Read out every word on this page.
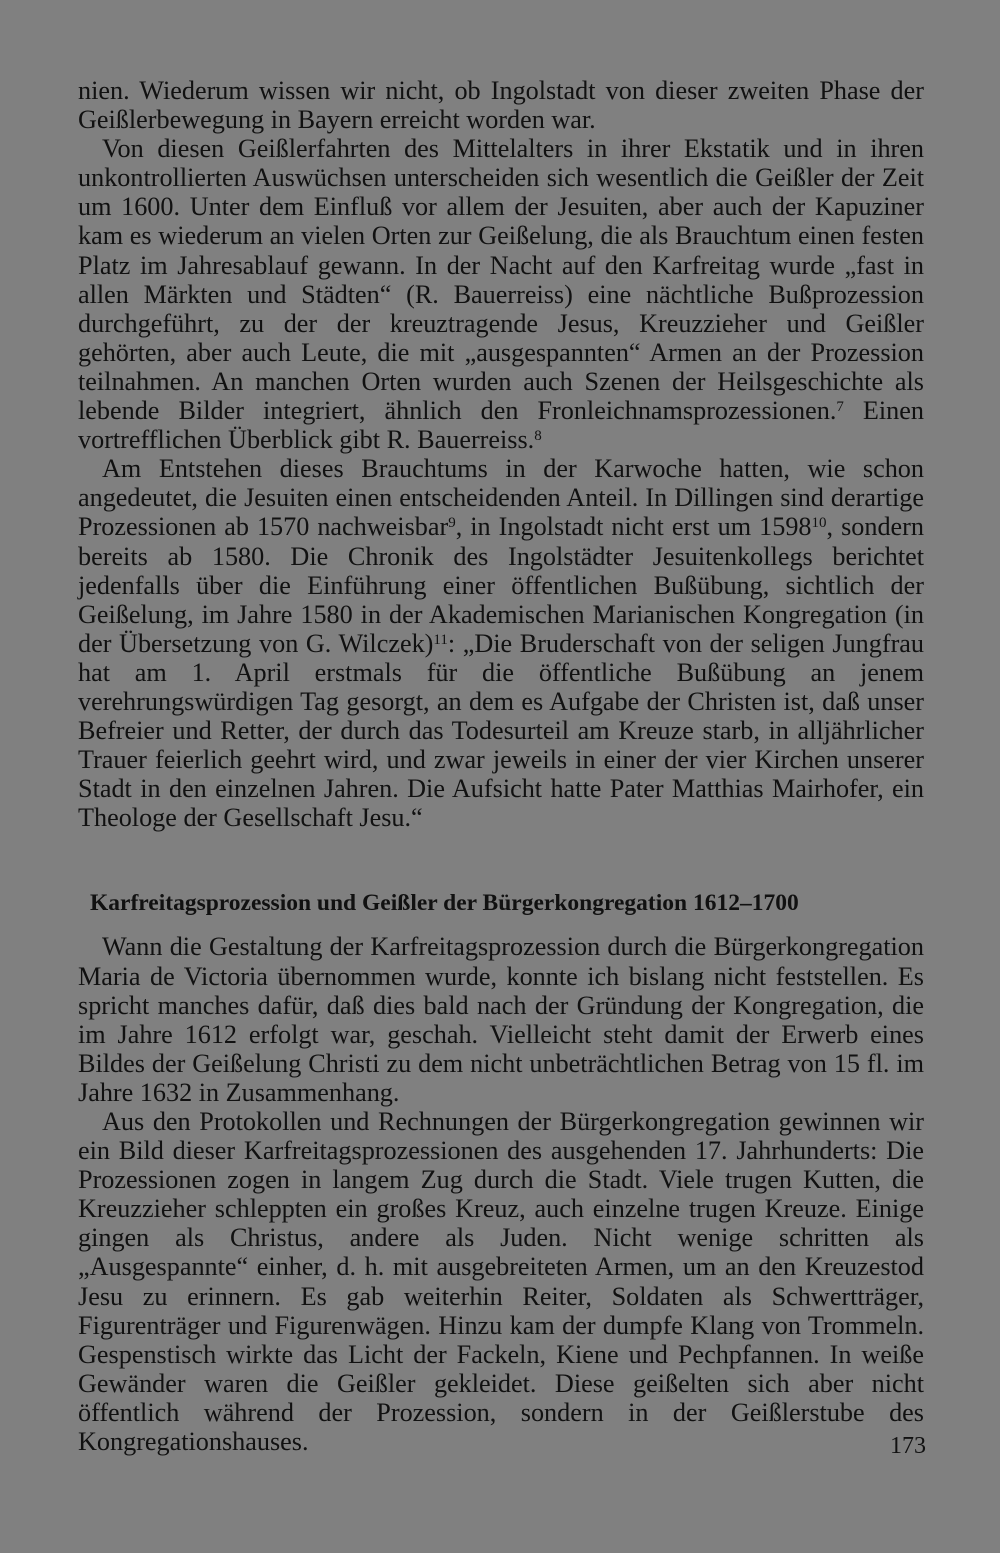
nien. Wiederum wissen wir nicht, ob Ingolstadt von dieser zweiten Phase der Geißlerbewegung in Bayern erreicht worden war.

Von diesen Geißlerfahrten des Mittelalters in ihrer Ekstatik und in ihren unkontrollierten Auswüchsen unterscheiden sich wesentlich die Geißler der Zeit um 1600. Unter dem Einfluß vor allem der Jesuiten, aber auch der Kapuziner kam es wiederum an vielen Orten zur Geißelung, die als Brauchtum einen festen Platz im Jahresablauf gewann. In der Nacht auf den Karfreitag wurde „fast in allen Märkten und Städten“ (R. Bauerreiss) eine nächtliche Bußprozession durchgeführt, zu der der kreuztragende Jesus, Kreuzzieher und Geißler gehörten, aber auch Leute, die mit „ausgespannten“ Armen an der Prozession teilnahmen. An manchen Orten wurden auch Szenen der Heilsgeschichte als lebende Bilder integriert, ähnlich den Fronleichnamsprozessionen.$^7$ Einen vortrefflichen Überblick gibt R. Bauerreiss.$^8$

Am Entstehen dieses Brauchtums in der Karwoche hatten, wie schon angedeutet, die Jesuiten einen entscheidenden Anteil. In Dillingen sind derartige Prozessionen ab 1570 nachweisbar$^9$, in Ingolstadt nicht erst um 1598$^{10}$, sondern bereits ab 1580. Die Chronik des Ingolstädter Jesuitenkollegs berichtet jedenfalls über die Einführung einer öffentlichen Bußübung, sichtlich der Geißelung, im Jahre 1580 in der Akademischen Marianischen Kongregation (in der Übersetzung von G. Wilczek)$^{11}$: „Die Bruderschaft von der seligen Jungfrau hat am 1. April erstmals für die öffentliche Bußübung an jenem verehrungswürdigen Tag gesorgt, an dem es Aufgabe der Christen ist, daß unser Befreier und Retter, der durch das Todesurteil am Kreuze starb, in alljährlicher Trauer feierlich geehrt wird, und zwar jeweils in einer der vier Kirchen unserer Stadt in den einzelnen Jahren. Die Aufsicht hatte Pater Matthias Mairhofer, ein Theologe der Gesellschaft Jesu.“

Karfreitagsprozession und Geißler der Bürgerkongregation 1612–1700

Wann die Gestaltung der Karfreitagsprozession durch die Bürgerkongregation Maria de Victoria übernommen wurde, konnte ich bislang nicht feststellen. Es spricht manches dafür, daß dies bald nach der Gründung der Kongregation, die im Jahre 1612 erfolgt war, geschah. Vielleicht steht damit der Erwerb eines Bildes der Geißelung Christi zu dem nicht unbeträchtlichen Betrag von 15 fl. im Jahre 1632 in Zusammenhang.

Aus den Protokollen und Rechnungen der Bürgerkongregation gewinnen wir ein Bild dieser Karfreitagsprozessionen des ausgehenden 17. Jahrhunderts: Die Prozessionen zogen in langem Zug durch die Stadt. Viele trugen Kutten, die Kreuzzieher schleppten ein großes Kreuz, auch einzelne trugen Kreuze. Einige gingen als Christus, andere als Juden. Nicht wenige schritten als „Ausgespannte“ einher, d. h. mit ausgebreiteten Armen, um an den Kreuzestod Jesu zu erinnern. Es gab weiterhin Reiter, Soldaten als Schwertträger, Figurenträger und Figurenwägen. Hinzu kam der dumpfe Klang von Trommeln. Gespenstisch wirkte das Licht der Fackeln, Kiene und Pechpfannen. In weiße Gewänder waren die Geißler gekleidet. Diese geißelten sich aber nicht öffentlich während der Prozession, sondern in der Geißlerstube des Kongregationshauses.	173
